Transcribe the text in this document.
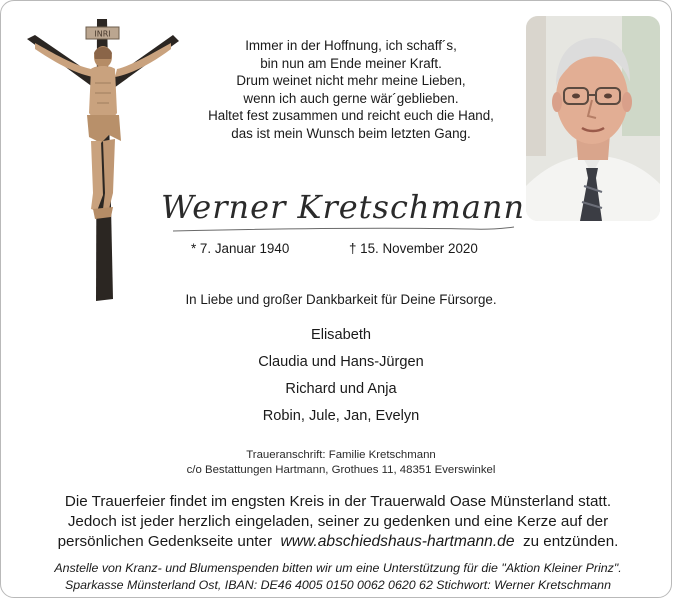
INRI
Immer in der Hoffnung, ich schaff´s,
bin nun am Ende meiner Kraft.
Drum weinet nicht mehr meine Lieben,
wenn ich auch gerne wär´geblieben.
Haltet fest zusammen und reicht euch die Hand,
das ist mein Wunsch beim letzten Gang.
Werner Kretschmann
* 7. Januar 1940	† 15. November 2020
In Liebe und großer Dankbarkeit für Deine Fürsorge.
Elisabeth
Claudia und Hans-Jürgen
Richard und Anja
Robin, Jule, Jan, Evelyn
Traueranschrift: Familie Kretschmann
c/o Bestattungen Hartmann, Grothues 11, 48351 Everswinkel
Die Trauerfeier findet im engsten Kreis in der Trauerwald Oase Münsterland statt.
Jedoch ist jeder herzlich eingeladen, seiner zu gedenken und eine Kerze auf der
persönlichen Gedenkseite unter www.abschiedshaus-hartmann.de zu entzünden.
Anstelle von Kranz- und Blumenspenden bitten wir um eine Unterstützung für die "Aktion Kleiner Prinz".
Sparkasse Münsterland Ost, IBAN: DE46 4005 0150 0062 0620 62 Stichwort: Werner Kretschmann
